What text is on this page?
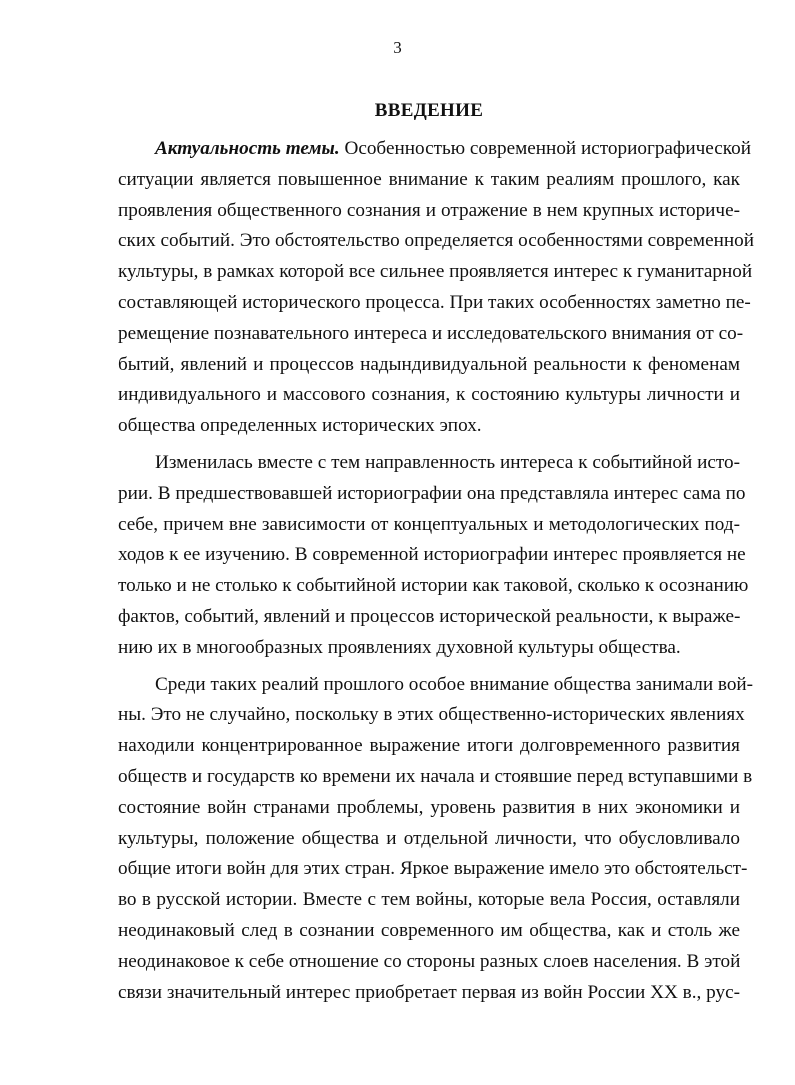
3
ВВЕДЕНИЕ
Актуальность темы. Особенностью современной историографической
ситуации является повышенное внимание к таким реалиям прошлого, как
проявления общественного сознания и отражение в нем крупных историче-
ских событий. Это обстоятельство определяется особенностями современной
культуры, в рамках которой все сильнее проявляется интерес к гуманитарной
составляющей исторического процесса. При таких особенностях заметно пе-
ремещение познавательного интереса и исследовательского внимания от со-
бытий, явлений и процессов надындивидуальной реальности к феноменам
индивидуального и массового сознания, к состоянию культуры личности и
общества определенных исторических эпох.
Изменилась вместе с тем направленность интереса к событийной исто-
рии. В предшествовавшей историографии она представляла интерес сама по
себе, причем вне зависимости от концептуальных и методологических под-
ходов к ее изучению. В современной историографии интерес проявляется не
только и не столько к событийной истории как таковой, сколько к осознанию
фактов, событий, явлений и процессов исторической реальности, к выраже-
нию их в многообразных проявлениях духовной культуры общества.
Среди таких реалий прошлого особое внимание общества занимали вой-
ны. Это не случайно, поскольку в этих общественно-исторических явлениях
находили концентрированное выражение итоги долговременного развития
обществ и государств ко времени их начала и стоявшие перед вступавшими в
состояние войн странами проблемы, уровень развития в них экономики и
культуры, положение общества и отдельной личности, что обусловливало
общие итоги войн для этих стран. Яркое выражение имело это обстоятельст-
во в русской истории. Вместе с тем войны, которые вела Россия, оставляли
неодинаковый след в сознании современного им общества, как и столь же
неодинаковое к себе отношение со стороны разных слоев населения. В этой
связи значительный интерес приобретает первая из войн России XX в., рус-
